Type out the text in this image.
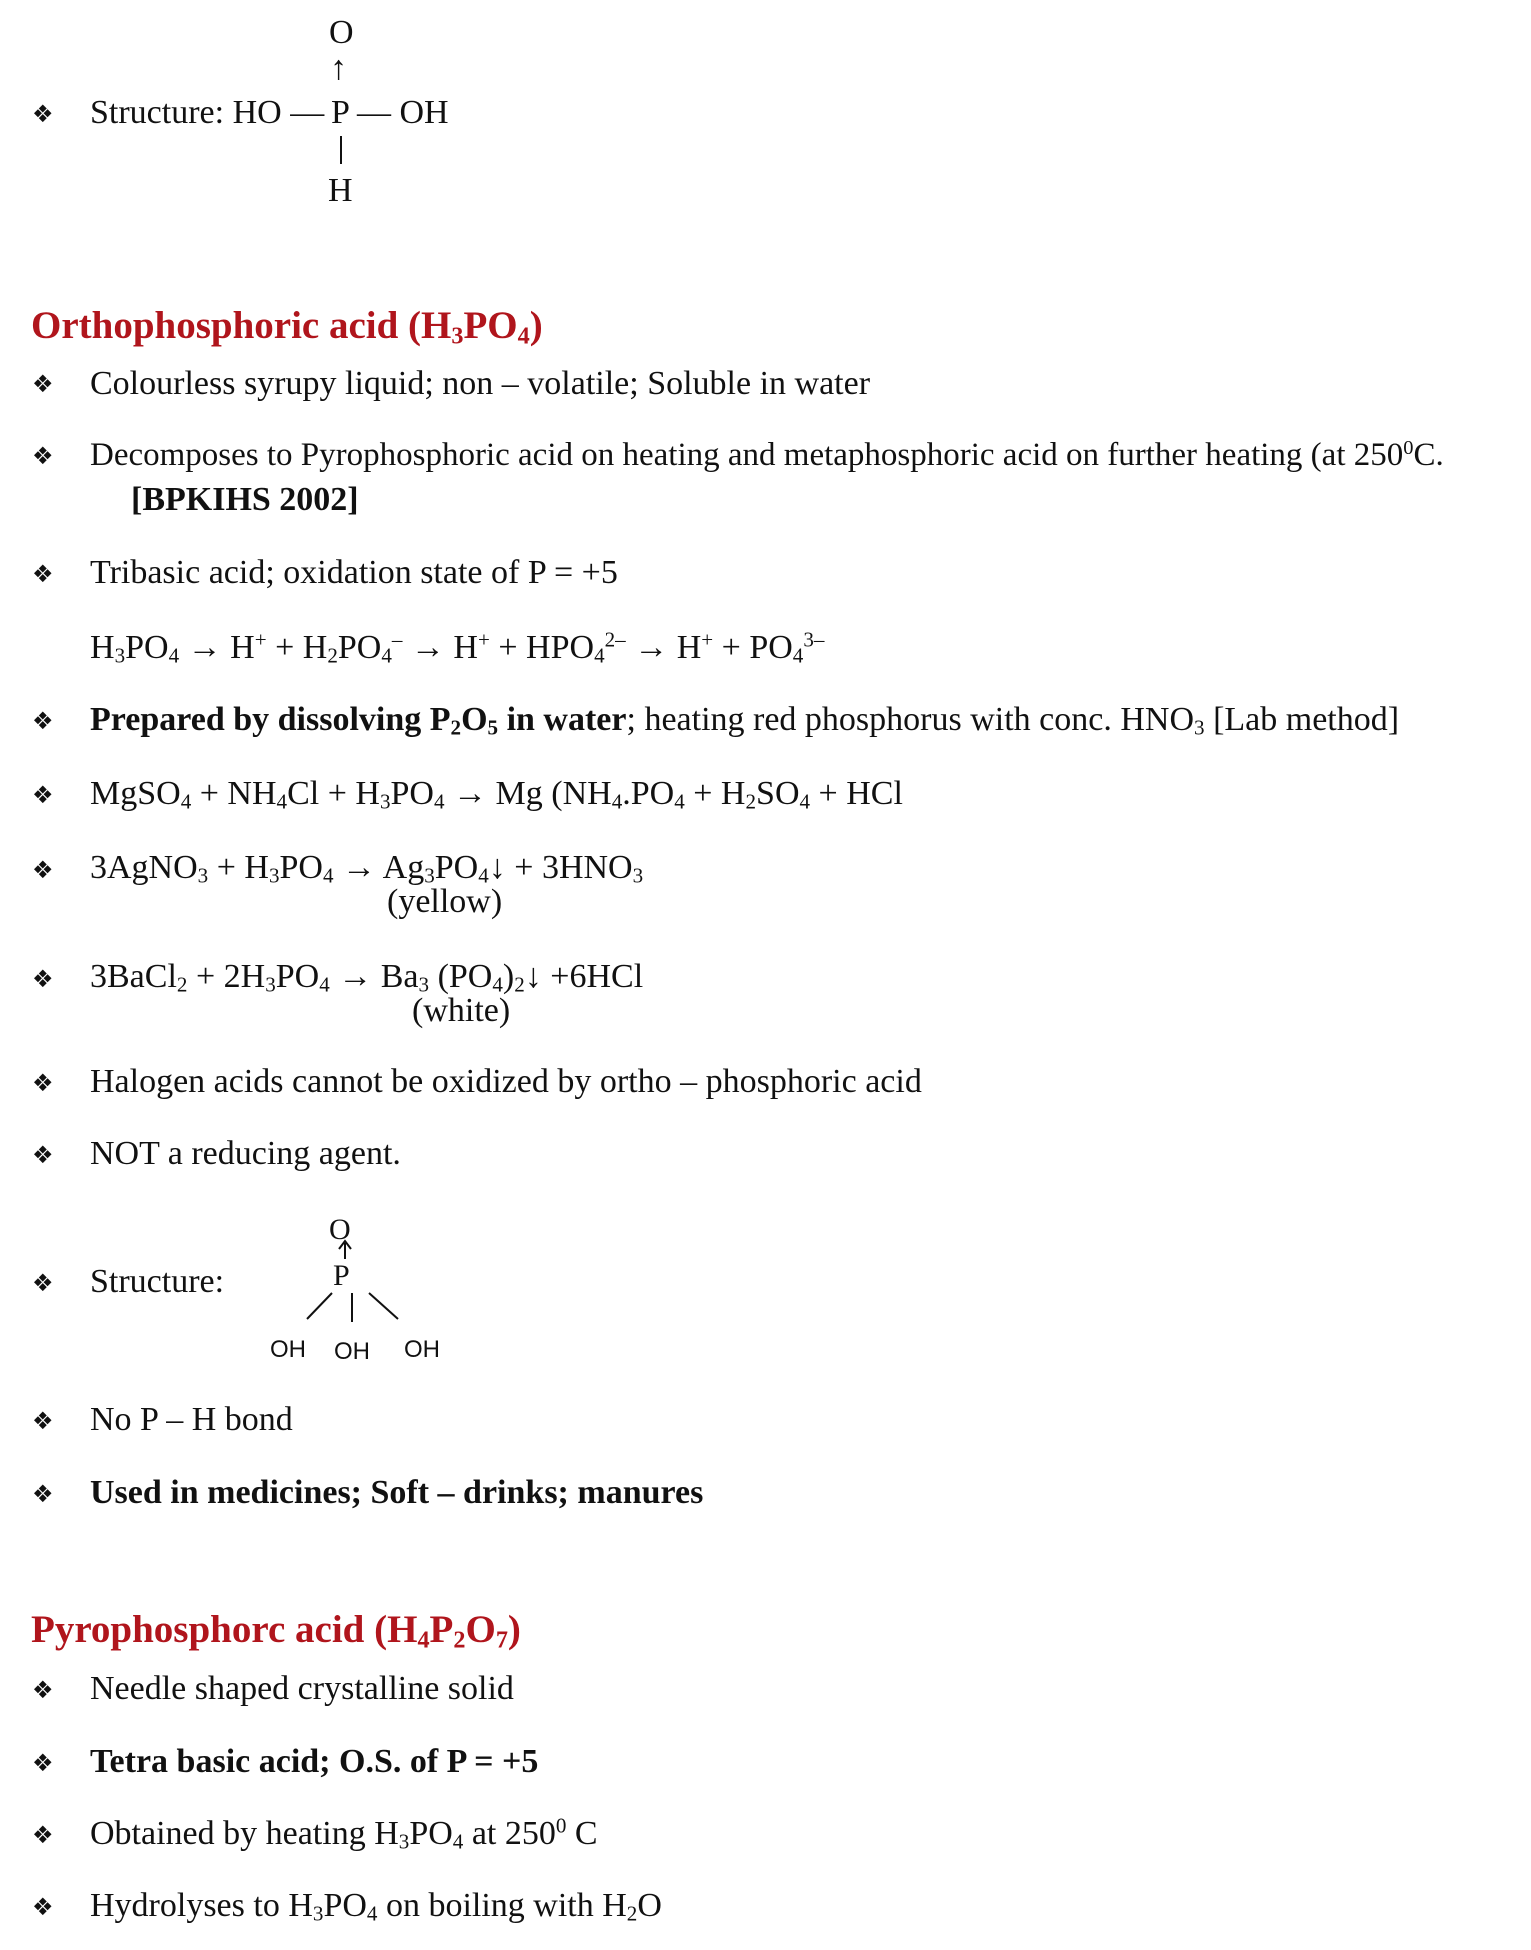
❖ Structure: HO —
O
↑
P — OH
H
Orthophosphoric acid $(H_3PO_4)$
❖ Colourless syrupy liquid; non – volatile; Soluble in water
❖ Decomposes to Pyrophosphoric acid on heating and metaphosphoric acid on further heating (at $250^0C$.
[BPKIHS 2002]
❖ Tribasic acid; oxidation state of P = +5
$H_3PO_4 \to H^+ + H_2PO_4^- \to H^+ + HPO_4^{2-} \to H^+ + PO_4^{3-}$
❖ Prepared by dissolving $P_2O_5$ in water; heating red phosphorus with conc. $HNO_3$ [Lab method]
❖ MgSO$_4$ + $NH_4Cl + H_3PO_4 \to Mg$ ($NH_4.PO_4 + H_2SO_4$ + HCl
❖ 3AgNO$_3$ + $H_3PO_4$ → $Ag_3PO_4↓ + 3HNO_3$
(yellow)
❖ 3BaCl$_2$ + $2H_3PO_4 \to Ba_3$ $(PO_4)_2↓ +6HCl$
(white)
❖ Halogen acids cannot be oxidized by ortho – phosphoric acid
❖ NOT a reducing agent.
❖ Structure:
O
P
OH OH OH
❖ No P – H bond
❖ Used in medicines; Soft – drinks; manures
Pyrophosphorc acid $(H_4P_2O_7)$
❖ Needle shaped crystalline solid
❖ Tetra basic acid; O.S. of P = +5
❖ Obtained by heating $H_3PO_4$ at $250^0$ C
❖ Hydrolyses to $H_3PO_4$ on boiling with $H_2O$
